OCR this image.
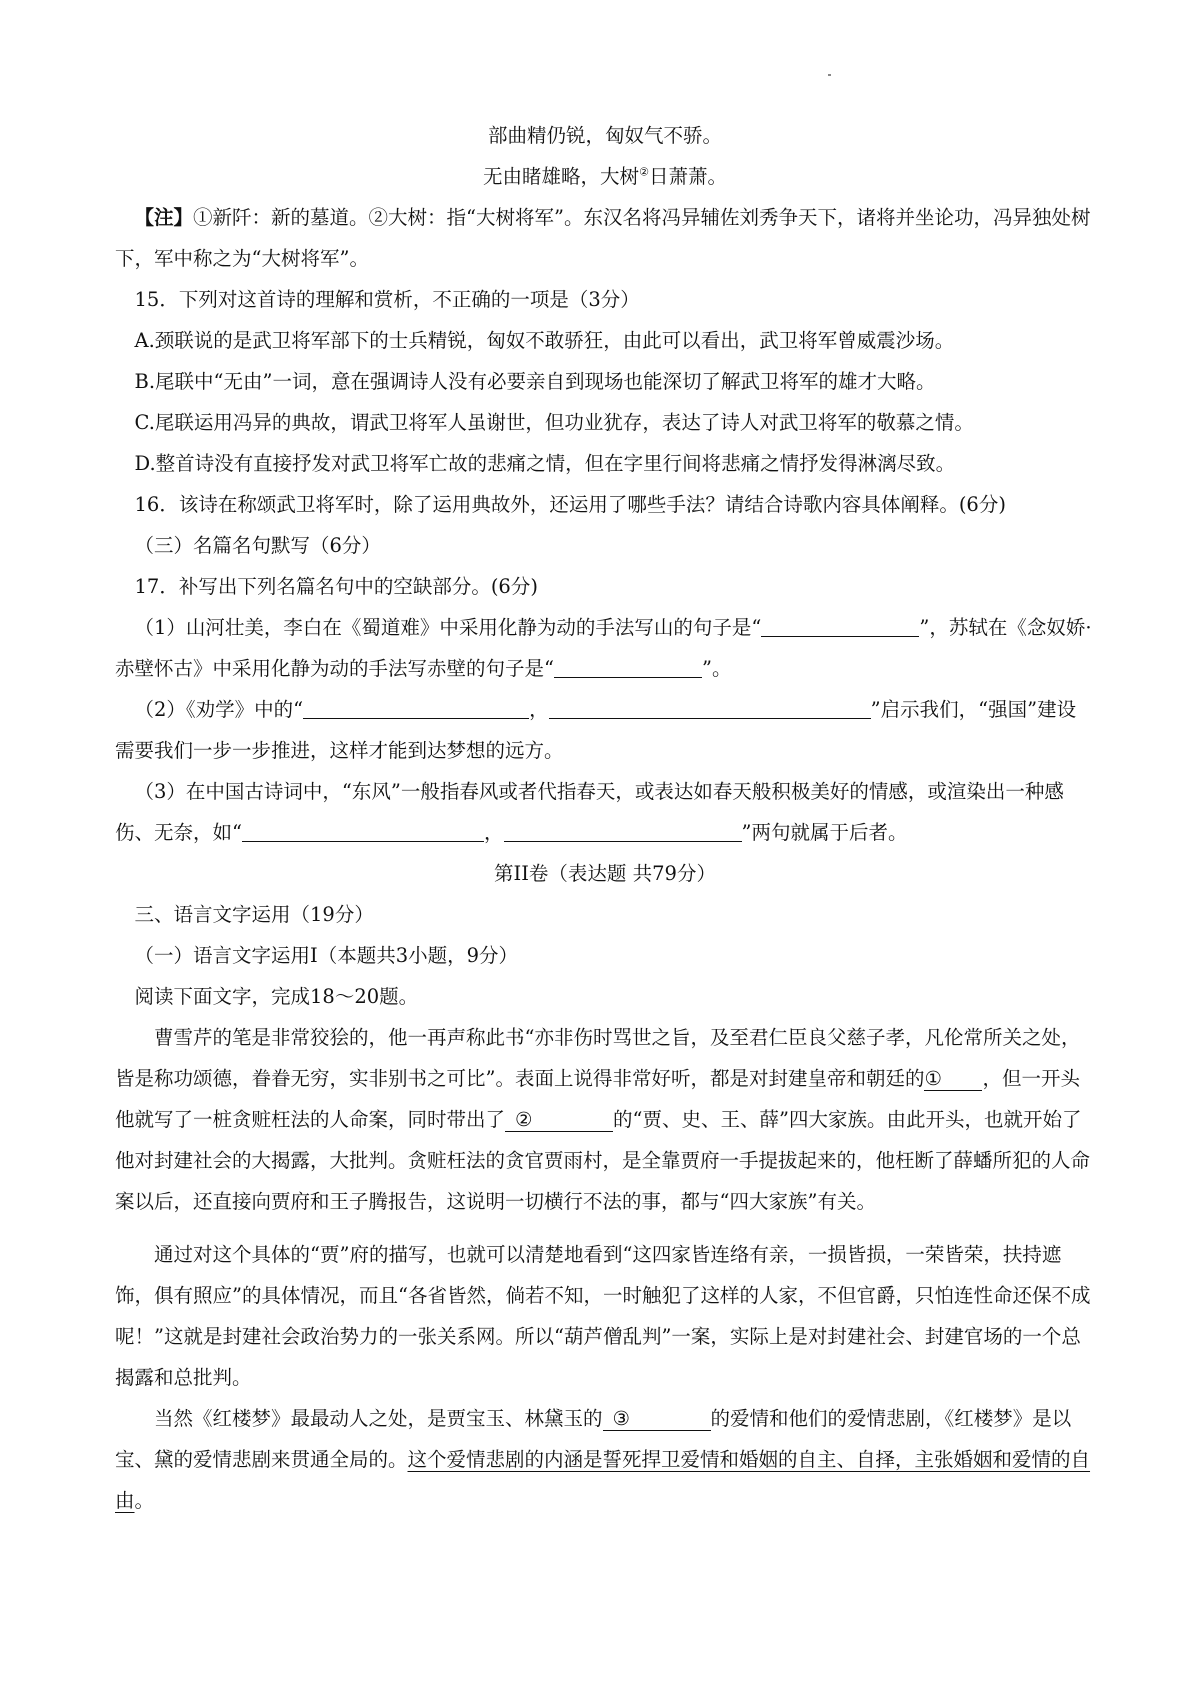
部曲精仍锐，匈奴气不骄。

无由睹雄略，大树②日萧萧。

【注】①新阡：新的墓道。②大树：指“大树将军”。东汉名将冯异辅佐刘秀争天下，诸将并坐论功，冯异独处树下，军中称之为“大树将军”。

15．下列对这首诗的理解和赏析，不正确的一项是（3分）

A.颈联说的是武卫将军部下的士兵精锐，匈奴不敢骄狂，由此可以看出，武卫将军曾威震沙场。

B.尾联中“无由”一词，意在强调诗人没有必要亲自到现场也能深切了解武卫将军的雄才大略。

C.尾联运用冯异的典故，谓武卫将军人虽谢世，但功业犹存，表达了诗人对武卫将军的敬慕之情。

D.整首诗没有直接抒发对武卫将军亡故的悲痛之情，但在字里行间将悲痛之情抒发得淋漓尽致。

16．该诗在称颂武卫将军时，除了运用典故外，还运用了哪些手法？请结合诗歌内容具体阐释。(6分)

（三）名篇名句默写（6分）

17．补写出下列名篇名句中的空缺部分。(6分)

（1）山河壮美，李白在《蜀道难》中采用化静为动的手法写山的句子是“	”，苏轼在《念奴娇·赤壁怀古》中采用化静为动的手法写赤壁的句子是“	”。

（2）《劝学》中的“	，	”启示我们，“强国”建设需要我们一步一步推进，这样才能到达梦想的远方。

（3）在中国古诗词中，“东风”一般指春风或者代指春天，或表达如春天般积极美好的情感，或渲染出一种感伤、无奈，如“	，	”两句就属于后者。

第II卷（表达题 共79分）

三、语言文字运用（19分）

（一）语言文字运用I（本题共3小题，9分）

阅读下面文字，完成18～20题。

曹雪芹的笔是非常狡狯的，他一再声称此书“亦非伤时骂世之旨，及至君仁臣良父慈子孝，凡伦常所关之处，皆是称功颂德，眷眷无穷，实非别书之可比”。表面上说得非常好听，都是对封建皇帝和朝廷的① ，但一开头他就写了一桩贪赃枉法的人命案，同时带出了 ②	的“贾、史、王、薛”四大家族。由此开头，也就开始了他对封建社会的大揭露，大批判。贪赃枉法的贪官贾雨村，是全靠贾府一手提拔起来的，他枉断了薛蟠所犯的人命案以后，还直接向贾府和王子腾报告，这说明一切横行不法的事，都与“四大家族”有关。

通过对这个具体的“贾”府的描写，也就可以清楚地看到“这四家皆连络有亲，一损皆损，一荣皆荣，扶持遮饰，俱有照应”的具体情况，而且“各省皆然，倘若不知，一时触犯了这样的人家，不但官爵，只怕连性命还保不成呢！”这就是封建社会政治势力的一张关系网。所以“葫芦僧乱判”一案，实际上是对封建社会、封建官场的一个总揭露和总批判。

当然《红楼梦》最最动人之处，是贾宝玉、林黛玉的 ③	的爱情和他们的爱情悲剧，《红楼梦》是以宝、黛的爱情悲剧来贯通全局的。这个爱情悲剧的内涵是誓死捍卫爱情和婚姻的自主、自择，主张婚姻和爱情的自由。
